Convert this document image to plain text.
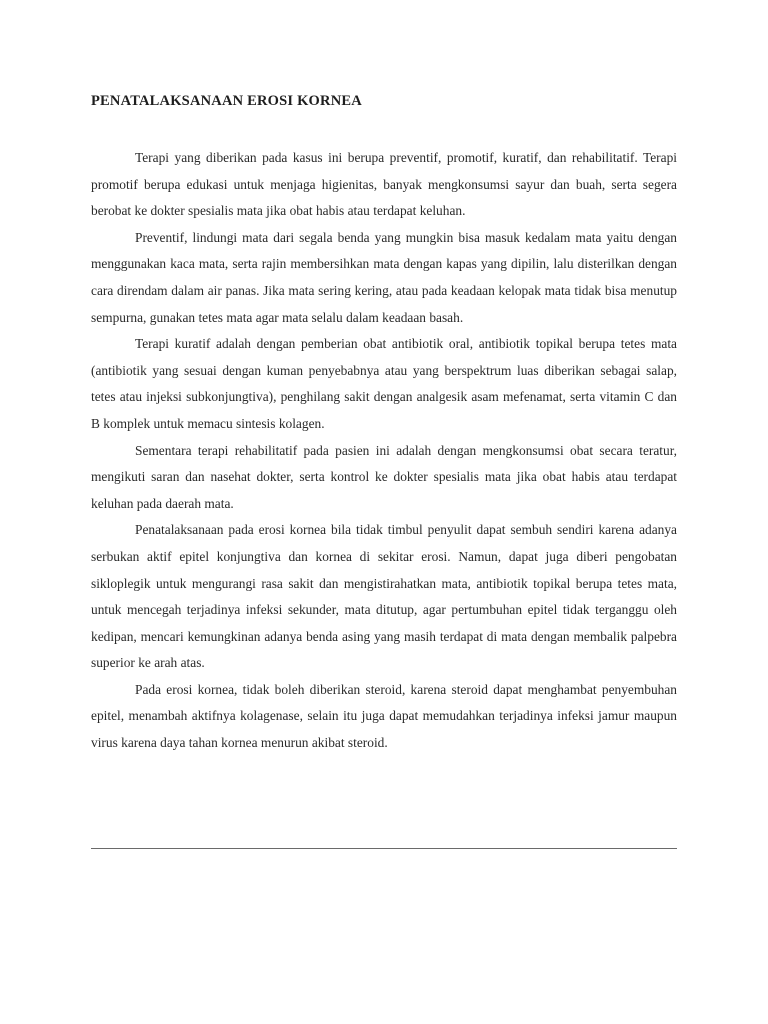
PENATALAKSANAAN EROSI KORNEA

Terapi yang diberikan pada kasus ini berupa preventif, promotif, kuratif, dan rehabilitatif. Terapi promotif berupa edukasi untuk menjaga higienitas, banyak mengkonsumsi sayur dan buah, serta segera berobat ke dokter spesialis mata jika obat habis atau terdapat keluhan.

Preventif, lindungi mata dari segala benda yang mungkin bisa masuk kedalam mata yaitu dengan menggunakan kaca mata, serta rajin membersihkan mata dengan kapas yang dipilin, lalu disterilkan dengan cara direndam dalam air panas. Jika mata sering kering, atau pada keadaan kelopak mata tidak bisa menutup sempurna, gunakan tetes mata agar mata selalu dalam keadaan basah.

Terapi kuratif adalah dengan pemberian obat antibiotik oral, antibiotik topikal berupa tetes mata (antibiotik yang sesuai dengan kuman penyebabnya atau yang berspektrum luas diberikan sebagai salap, tetes atau injeksi subkonjungtiva), penghilang sakit dengan analgesik asam mefenamat, serta vitamin C dan B komplek untuk memacu sintesis kolagen.

Sementara terapi rehabilitatif pada pasien ini adalah dengan mengkonsumsi obat secara teratur, mengikuti saran dan nasehat dokter, serta kontrol ke dokter spesialis mata jika obat habis atau terdapat keluhan pada daerah mata.

Penatalaksanaan pada erosi kornea bila tidak timbul penyulit dapat sembuh sendiri karena adanya serbukan aktif epitel konjungtiva dan kornea di sekitar erosi. Namun, dapat juga diberi pengobatan sikloplegik untuk mengurangi rasa sakit dan mengistirahatkan mata, antibiotik topikal berupa tetes mata, untuk mencegah terjadinya infeksi sekunder, mata ditutup, agar pertumbuhan epitel tidak terganggu oleh kedipan, mencari kemungkinan adanya benda asing yang masih terdapat di mata dengan membalik palpebra superior ke arah atas.

Pada erosi kornea, tidak boleh diberikan steroid, karena steroid dapat menghambat penyembuhan epitel, menambah aktifnya kolagenase, selain itu juga dapat memudahkan terjadinya infeksi jamur maupun virus karena daya tahan kornea menurun akibat steroid.
